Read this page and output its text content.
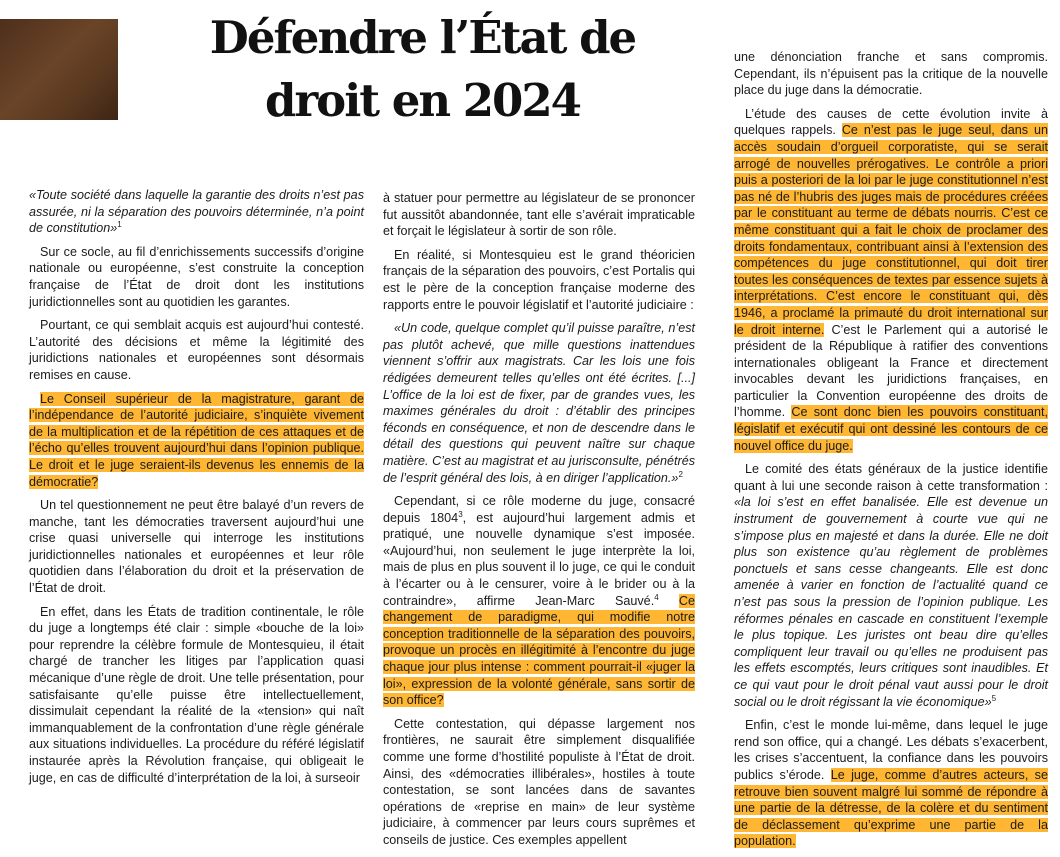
Défendre l’État de droit en 2024

«Toute société dans laquelle la garantie des droits n’est pas assurée, ni la séparation des pouvoirs déterminée, n’a point de constitution»$^1$

Sur ce socle, au fil d’enrichissements successifs d’origine nationale ou européenne, s’est construite la conception française de l’État de droit dont les institutions juridictionnelles sont au quotidien les garantes.

Pourtant, ce qui semblait acquis est aujourd’hui contesté. L’autorité des décisions et même la légitimité des juridictions nationales et européennes sont désormais remises en cause.

Le Conseil supérieur de la magistrature, garant de l’indépendance de l’autorité judiciaire, s’inquiète vivement de la multiplication et de la répétition de ces attaques et de l’écho qu’elles trouvent aujourd’hui dans l’opinion publique. Le droit et le juge seraient-ils devenus les ennemis de la démocratie?

Un tel questionnement ne peut être balayé d’un revers de manche, tant les démocraties traversent aujourd’hui une crise quasi universelle qui interroge les institutions juridictionnelles nationales et européennes et leur rôle quotidien dans l’élaboration du droit et la préservation de l’État de droit.

En effet, dans les États de tradition continentale, le rôle du juge a longtemps été clair : simple «bouche de la loi» pour reprendre la célèbre formule de Montesquieu, il était chargé de trancher les litiges par l’application quasi mécanique d’une règle de droit. Une telle présentation, pour satisfaisante qu’elle puisse être intellectuellement, dissimulait cependant la réalité de la «tension» qui naît immanquablement de la confrontation d’une règle générale aux situations individuelles. La procédure du référé législatif instaurée après la Révolution française, qui obligeait le juge, en cas de difficulté d’interprétation de la loi, à surseoir

à statuer pour permettre au législateur de se prononcer fut aussitôt abandonnée, tant elle s’avérait impraticable et forçait le législateur à sortir de son rôle.

En réalité, si Montesquieu est le grand théoricien français de la séparation des pouvoirs, c’est Portalis qui est le père de la conception française moderne des rapports entre le pouvoir législatif et l’autorité judiciaire :

«Un code, quelque complet qu’il puisse paraître, n’est pas plutôt achevé, que mille questions inattendues viennent s’offrir aux magistrats. Car les lois une fois rédigées demeurent telles qu’elles ont été écrites. [...] L’office de la loi est de fixer, par de grandes vues, les maximes générales du droit : d’établir des principes féconds en conséquence, et non de descendre dans le détail des questions qui peuvent naître sur chaque matière. C’est au magistrat et au jurisconsulte, pénétrés de l’esprit général des lois, à en diriger l’application.»$^2$

Cependant, si ce rôle moderne du juge, consacré depuis 1804$^3$, est aujourd’hui largement admis et pratiqué, une nouvelle dynamique s’est imposée. «Aujourd’hui, non seulement le juge interprète la loi, mais de plus en plus souvent il lo juge, ce qui le conduit à l’écarter ou à le censurer, voire à le brider ou à la contraindre», affirme Jean-Marc Sauvé.$^4$ Ce changement de paradigme, qui modifie notre conception traditionnelle de la séparation des pouvoirs, provoque un procès en illégitimité à l’encontre du juge chaque jour plus intense : comment pourrait-il «juger la loi», expression de la volonté générale, sans sortir de son office?

Cette contestation, qui dépasse largement nos frontières, ne saurait être simplement disqualifiée comme une forme d’hostilité populiste à l’État de droit. Ainsi, des «démocraties illibérales», hostiles à toute contestation, se sont lancées dans de savantes opérations de «reprise en main» de leur système judiciaire, à commencer par leurs cours suprêmes et conseils de justice. Ces exemples appellent

une dénonciation franche et sans compromis. Cependant, ils n’épuisent pas la critique de la nouvelle place du juge dans la démocratie.

L’étude des causes de cette évolution invite à quelques rappels. Ce n’est pas le juge seul, dans un accès soudain d’orgueil corporatiste, qui se serait arrogé de nouvelles prérogatives. Le contrôle a priori puis a posteriori de la loi par le juge constitutionnel n’est pas né de l’hubris des juges mais de procédures créées par le constituant au terme de débats nourris. C’est ce même constituant qui a fait le choix de proclamer des droits fondamentaux, contribuant ainsi à l’extension des compétences du juge constitutionnel, qui doit tirer toutes les conséquences de textes par essence sujets à interprétations. C’est encore le constituant qui, dès 1946, a proclamé la primauté du droit international sur le droit interne. C’est le Parlement qui a autorisé le président de la République à ratifier des conventions internationales obligeant la France et directement invocables devant les juridictions françaises, en particulier la Convention européenne des droits de l’homme. Ce sont donc bien les pouvoirs constituant, législatif et exécutif qui ont dessiné les contours de ce nouvel office du juge.

Le comité des états généraux de la justice identifie quant à lui une seconde raison à cette transformation : «la loi s’est en effet banalisée. Elle est devenue un instrument de gouvernement à courte vue qui ne s’impose plus en majesté et dans la durée. Elle ne doit plus son existence qu’au règlement de problèmes ponctuels et sans cesse changeants. Elle est donc amenée à varier en fonction de l’actualité quand ce n’est pas sous la pression de l’opinion publique. Les réformes pénales en cascade en constituent l’exemple le plus topique. Les juristes ont beau dire qu’elles compliquent leur travail ou qu’elles ne produisent pas les effets escomptés, leurs critiques sont inaudibles. Et ce qui vaut pour le droit pénal vaut aussi pour le droit social ou le droit régissant la vie économique»$^5$

Enfin, c’est le monde lui-même, dans lequel le juge rend son office, qui a changé. Les débats s’exacerbent, les crises s’accentuent, la confiance dans les pouvoirs publics s’érode. Le juge, comme d’autres acteurs, se retrouve bien souvent malgré lui sommé de répondre à une partie de la détresse, de la colère et du sentiment de déclassement qu’exprime une partie de la population.
